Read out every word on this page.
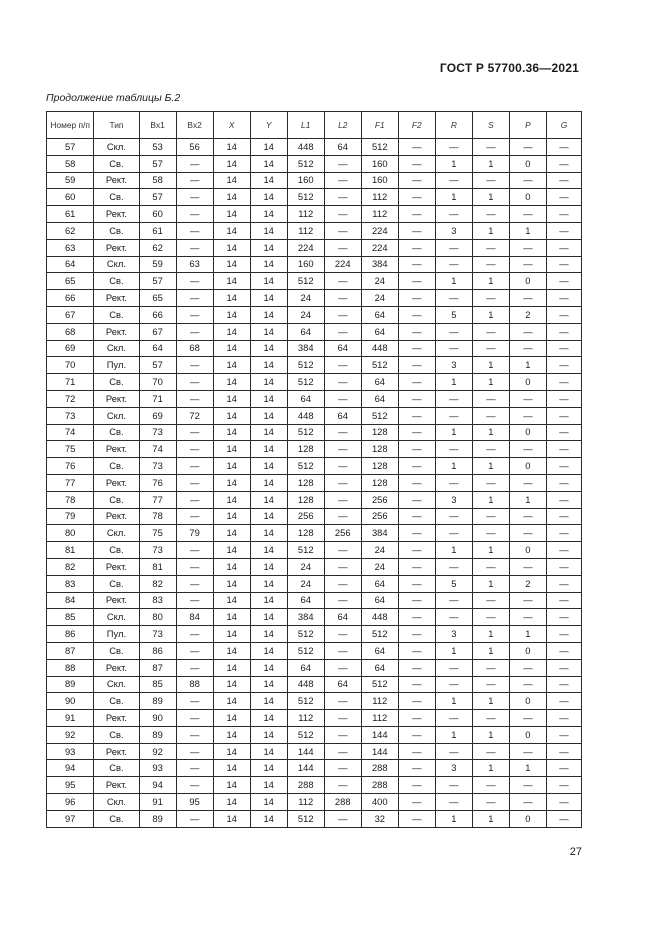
ГОСТ Р 57700.36—2021
Продолжение таблицы Б.2
Номер п/п	Тип	Bx1	Bx2	X	Y	L1	L2	F1	F2	R	S	P	G
57	Скл.	53	56	14	14	448	64	512	—	—	—	—	—
58	Св.	57	—	14	14	512	—	160	—	1	1	0	—
59	Рект.	58	—	14	14	160	—	160	—	—	—	—	—
60	Св.	57	—	14	14	512	—	112	—	1	1	0	—
61	Рект.	60	—	14	14	112	—	112	—	—	—	—	—
62	Св.	61	—	14	14	112	—	224	—	3	1	1	—
63	Рект.	62	—	14	14	224	—	224	—	—	—	—	—
64	Скл.	59	63	14	14	160	224	384	—	—	—	—	—
65	Св.	57	—	14	14	512	—	24	—	1	1	0	—
66	Рект.	65	—	14	14	24	—	24	—	—	—	—	—
67	Св.	66	—	14	14	24	—	64	—	5	1	2	—
68	Рект.	67	—	14	14	64	—	64	—	—	—	—	—
69	Скл.	64	68	14	14	384	64	448	—	—	—	—	—
70	Пул.	57	—	14	14	512	—	512	—	3	1	1	—
71	Св.	70	—	14	14	512	—	64	—	1	1	0	—
72	Рект.	71	—	14	14	64	—	64	—	—	—	—	—
73	Скл.	69	72	14	14	448	64	512	—	—	—	—	—
74	Св.	73	—	14	14	512	—	128	—	1	1	0	—
75	Рект.	74	—	14	14	128	—	128	—	—	—	—	—
76	Св.	73	—	14	14	512	—	128	—	1	1	0	—
77	Рект.	76	—	14	14	128	—	128	—	—	—	—	—
78	Св.	77	—	14	14	128	—	256	—	3	1	1	—
79	Рект.	78	—	14	14	256	—	256	—	—	—	—	—
80	Скл.	75	79	14	14	128	256	384	—	—	—	—	—
81	Св.	73	—	14	14	512	—	24	—	1	1	0	—
82	Рект.	81	—	14	14	24	—	24	—	—	—	—	—
83	Св.	82	—	14	14	24	—	64	—	5	1	2	—
84	Рект.	83	—	14	14	64	—	64	—	—	—	—	—
85	Скл.	80	84	14	14	384	64	448	—	—	—	—	—
86	Пул.	73	—	14	14	512	—	512	—	3	1	1	—
87	Св.	86	—	14	14	512	—	64	—	1	1	0	—
88	Рект.	87	—	14	14	64	—	64	—	—	—	—	—
89	Скл.	85	88	14	14	448	64	512	—	—	—	—	—
90	Св.	89	—	14	14	512	—	112	—	1	1	0	—
91	Рект.	90	—	14	14	112	—	112	—	—	—	—	—
92	Св.	89	—	14	14	512	—	144	—	1	1	0	—
93	Рект.	92	—	14	14	144	—	144	—	—	—	—	—
94	Св.	93	—	14	14	144	—	288	—	3	1	1	—
95	Рект.	94	—	14	14	288	—	288	—	—	—	—	—
96	Скл.	91	95	14	14	112	288	400	—	—	—	—	—
97	Св.	89	—	14	14	512	—	32	—	1	1	0	—
27
